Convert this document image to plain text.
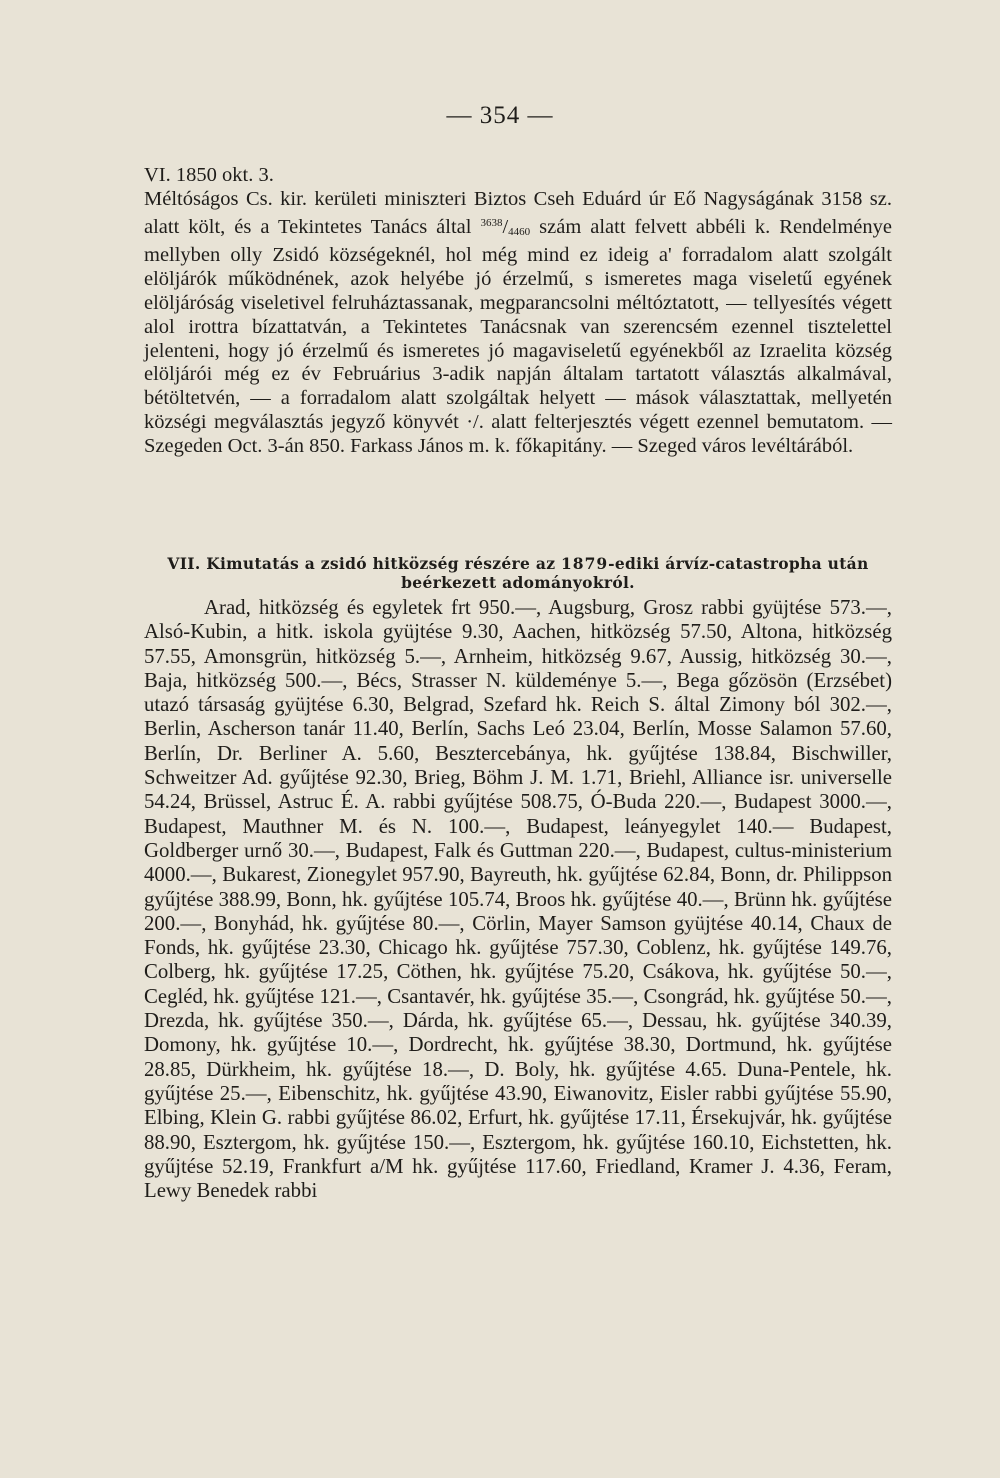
— 354 —

VI. 1850 okt. 3.
Méltóságos Cs. kir. kerületi miniszteri Biztos Cseh Eduárd úr Eő Nagyságának 3158 sz. alatt költ, és a Tekintetes Tanács által $^{3638}/_{4460}$ szám alatt felvett abbéli k. Rendelménye mellyben olly Zsidó községeknél, hol még mind ez ideig a' forradalom alatt szolgált elöljárók működnének, azok helyébe jó érzelmű, s ismeretes maga viseletű egyének elöljáróság viseletivel felruháztassanak, megparancsolni méltóztatott, — tellyesítés végett alol irottra bízattatván, a Tekintetes Tanácsnak van szerencsém ezennel tisztelettel jelenteni, hogy jó érzelmű és ismeretes jó magaviseletű egyénekből az Izraelita község elöljárói még ez év Februárius 3-adik napján általam tartatott választás alkalmával, bétöltetvén, — a forradalom alatt szolgáltak helyett — mások választattak, mellyetén községi megválasztás jegyző könyvét ·/. alatt felterjesztés végett ezennel bemutatom. — Szegeden Oct. 3-án 850. Farkass János m. k. főkapitány. — Szeged város levéltárából.

VII. Kimutatás a zsidó hitközség részére az 1879-ediki árvíz-catastropha után beérkezett adományokról.
Arad, hitközség és egyletek frt 950.—, Augsburg, Grosz rabbi gyüjtése 573.—, Alsó-Kubin, a hitk. iskola gyüjtése 9.30, Aachen, hitközség 57.50, Altona, hitközség 57.55, Amonsgrün, hitközség 5.—, Arnheim, hitközség 9.67, Aussig, hitközség 30.—, Baja, hitközség 500.—, Bécs, Strasser N. küldeménye 5.—, Bega gőzösön (Erzsébet) utazó társaság gyüjtése 6.30, Belgrad, Szefard hk. Reich S. által Zimony ból 302.—, Berlin, Ascherson tanár 11.40, Berlín, Sachs Leó 23.04, Berlín, Mosse Salamon 57.60, Berlín, Dr. Berliner A. 5.60, Besztercebánya, hk. gyűjtése 138.84, Bischwiller, Schweitzer Ad. gyűjtése 92.30, Brieg, Böhm J. M. 1.71, Briehl, Alliance isr. universelle 54.24, Brüssel, Astruc É. A. rabbi gyűjtése 508.75, Ó-Buda 220.—, Budapest 3000.—, Budapest, Mauthner M. és N. 100.—, Budapest, leányegylet 140.— Budapest, Goldberger urnő 30.—, Budapest, Falk és Guttman 220.—, Budapest, cultus-ministerium 4000.—, Bukarest, Zionegylet 957.90, Bayreuth, hk. gyűjtése 62.84, Bonn, dr. Philippson gyűjtése 388.99, Bonn, hk. gyűjtése 105.74, Broos hk. gyűjtése 40.—, Brünn hk. gyűjtése 200.—, Bonyhád, hk. gyűjtése 80.—, Cörlin, Mayer Samson gyüjtése 40.14, Chaux de Fonds, hk. gyűjtése 23.30, Chicago hk. gyűjtése 757.30, Coblenz, hk. gyűjtése 149.76, Colberg, hk. gyűjtése 17.25, Cöthen, hk. gyűjtése 75.20, Csákova, hk. gyűjtése 50.—, Cegléd, hk. gyűjtése 121.—, Csantavér, hk. gyűjtése 35.—, Csongrád, hk. gyűjtése 50.—, Drezda, hk. gyűjtése 350.—, Dárda, hk. gyűjtése 65.—, Dessau, hk. gyűjtése 340.39, Domony, hk. gyűjtése 10.—, Dordrecht, hk. gyűjtése 38.30, Dortmund, hk. gyűjtése 28.85, Dürkheim, hk. gyűjtése 18.—, D. Boly, hk. gyűjtése 4.65. Duna-Pentele, hk. gyűjtése 25.—, Eibenschitz, hk. gyűjtése 43.90, Eiwanovitz, Eisler rabbi gyűjtése 55.90, Elbing, Klein G. rabbi gyűjtése 86.02, Erfurt, hk. gyűjtése 17.11, Érsekujvár, hk. gyűjtése 88.90, Esztergom, hk. gyűjtése 150.—, Esztergom, hk. gyűjtése 160.10, Eichstetten, hk. gyűjtése 52.19, Frankfurt a/M hk. gyűjtése 117.60, Friedland, Kramer J. 4.36, Feram, Lewy Benedek rabbi
